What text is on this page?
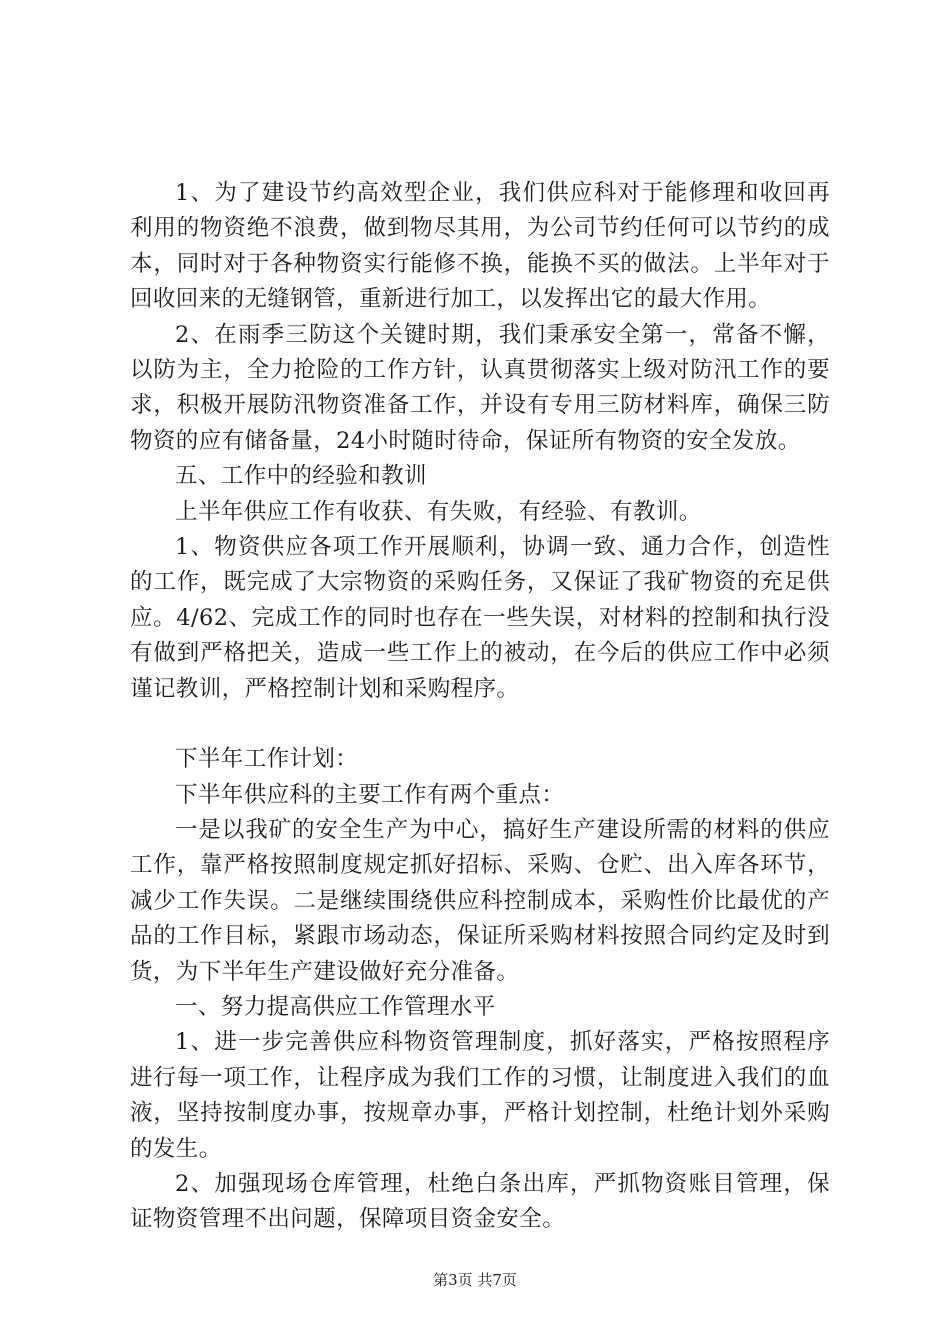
1、为了建设节约高效型企业，我们供应科对于能修理和收回再利用的物资绝不浪费，做到物尽其用，为公司节约任何可以节约的成本，同时对于各种物资实行能修不换，能换不买的做法。上半年对于回收回来的无缝钢管，重新进行加工，以发挥出它的最大作用。

2、在雨季三防这个关键时期，我们秉承安全第一，常备不懈，以防为主，全力抢险的工作方针，认真贯彻落实上级对防汛工作的要求，积极开展防汛物资准备工作，并设有专用三防材料库，确保三防物资的应有储备量，24小时随时待命，保证所有物资的安全发放。

五、工作中的经验和教训

上半年供应工作有收获、有失败，有经验、有教训。

1、物资供应各项工作开展顺利，协调一致、通力合作，创造性的工作，既完成了大宗物资的采购任务，又保证了我矿物资的充足供应。4/62、完成工作的同时也存在一些失误，对材料的控制和执行没有做到严格把关，造成一些工作上的被动，在今后的供应工作中必须谨记教训，严格控制计划和采购程序。

下半年工作计划：

下半年供应科的主要工作有两个重点：

一是以我矿的安全生产为中心，搞好生产建设所需的材料的供应工作，靠严格按照制度规定抓好招标、采购、仓贮、出入库各环节，减少工作失误。二是继续围绕供应科控制成本，采购性价比最优的产品的工作目标，紧跟市场动态，保证所采购材料按照合同约定及时到货，为下半年生产建设做好充分准备。

一、努力提高供应工作管理水平

1、进一步完善供应科物资管理制度，抓好落实，严格按照程序进行每一项工作，让程序成为我们工作的习惯，让制度进入我们的血液，坚持按制度办事，按规章办事，严格计划控制，杜绝计划外采购的发生。

2、加强现场仓库管理，杜绝白条出库，严抓物资账目管理，保证物资管理不出问题，保障项目资金安全。

第3页 共7页
